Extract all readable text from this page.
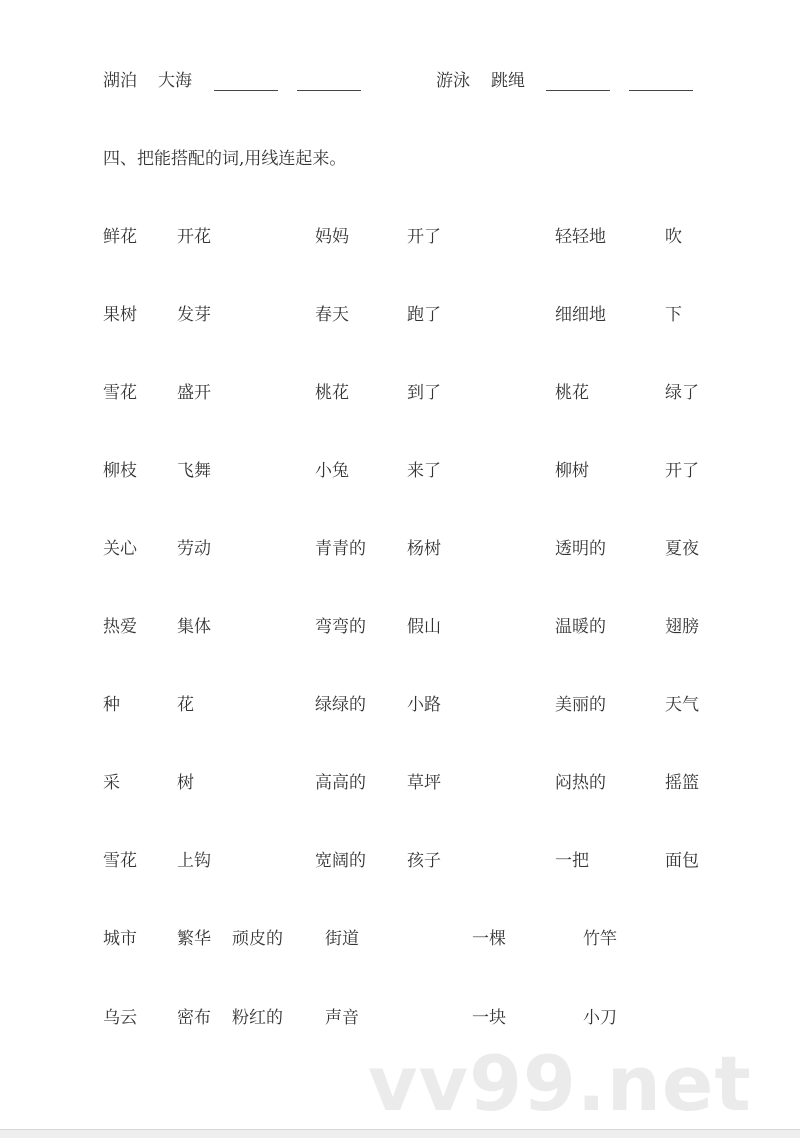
湖泊 大海	游泳 跳绳
四、把能搭配的词,用线连起来。
鲜花 开花	妈妈	开了	轻轻地	吹
果树 发芽	春天	跑了	细细地	下
雪花 盛开	桃花	到了	桃花	绿了
柳枝 飞舞	小兔	来了	柳树	开了
关心 劳动	青青的 杨树	透明的	夏夜
热爱 集体	弯弯的 假山	温暖的	翅膀
种	花	绿绿的 小路	美丽的	天气
采	树	高高的 草坪	闷热的	摇篮
雪花 上钩	宽阔的 孩子	一把	面包
城市 繁华 顽皮的 街道	一棵	竹竿
乌云 密布 粉红的 声音	一块	小刀
vv99.net
